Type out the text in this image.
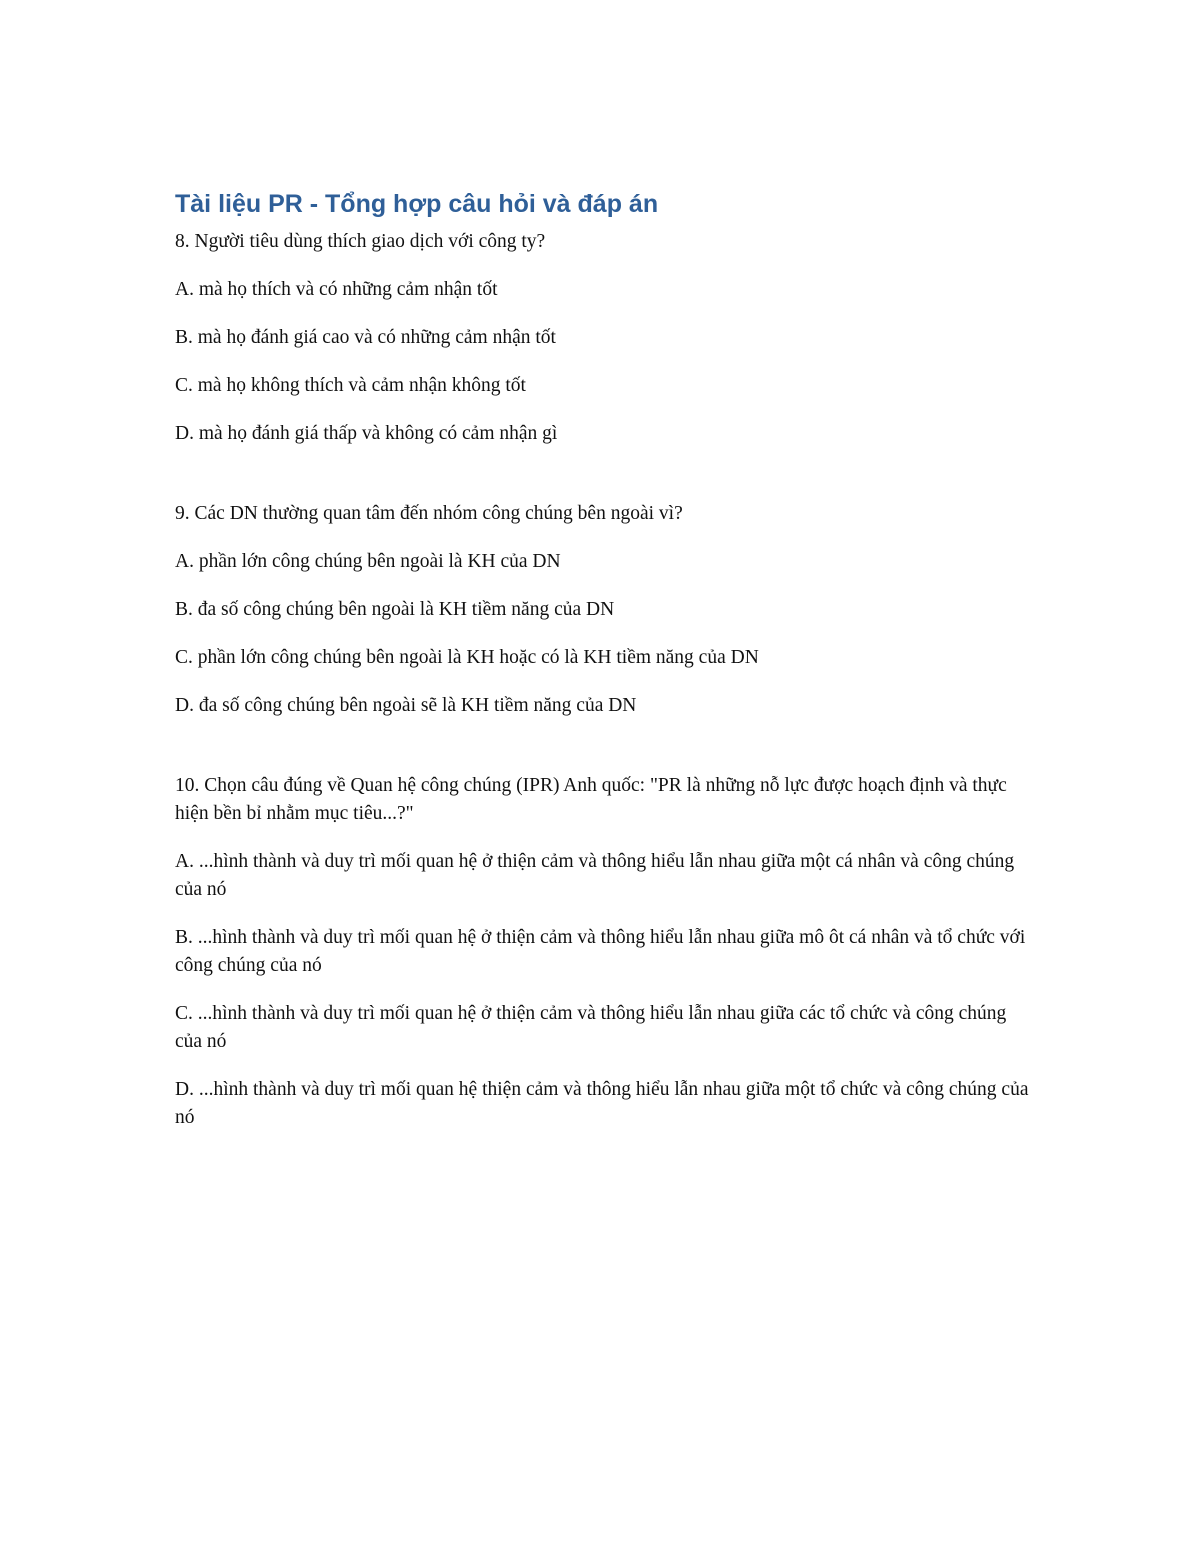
Tài liệu PR - Tổng hợp câu hỏi và đáp án
8. Người tiêu dùng thích giao dịch với công ty?
A. mà họ thích và có những cảm nhận tốt
B. mà họ đánh giá cao và có những cảm nhận tốt
C. mà họ không thích và cảm nhận không tốt
D. mà họ đánh giá thấp và không có cảm nhận gì
9. Các DN thường quan tâm đến nhóm công chúng bên ngoài vì?
A. phần lớn công chúng bên ngoài là KH của DN
B. đa số công chúng bên ngoài là KH tiềm năng của DN
C. phần lớn công chúng bên ngoài là KH hoặc có là KH tiềm năng của DN
D. đa số công chúng bên ngoài sẽ là KH tiềm năng của DN
10. Chọn câu đúng về Quan hệ công chúng (IPR) Anh quốc: "PR là những nỗ lực được hoạch định và thực hiện bền bỉ nhằm mục tiêu...?"
A. ...hình thành và duy trì mối quan hệ ở thiện cảm và thông hiểu lẫn nhau giữa một cá nhân và công chúng của nó
B. ...hình thành và duy trì mối quan hệ ở thiện cảm và thông hiểu lẫn nhau giữa mô ôt cá nhân và tổ chức với công chúng của nó
C. ...hình thành và duy trì mối quan hệ ở thiện cảm và thông hiểu lẫn nhau giữa các tổ chức và công chúng của nó
D. ...hình thành và duy trì mối quan hệ thiện cảm và thông hiểu lẫn nhau giữa một tổ chức và công chúng của nó
